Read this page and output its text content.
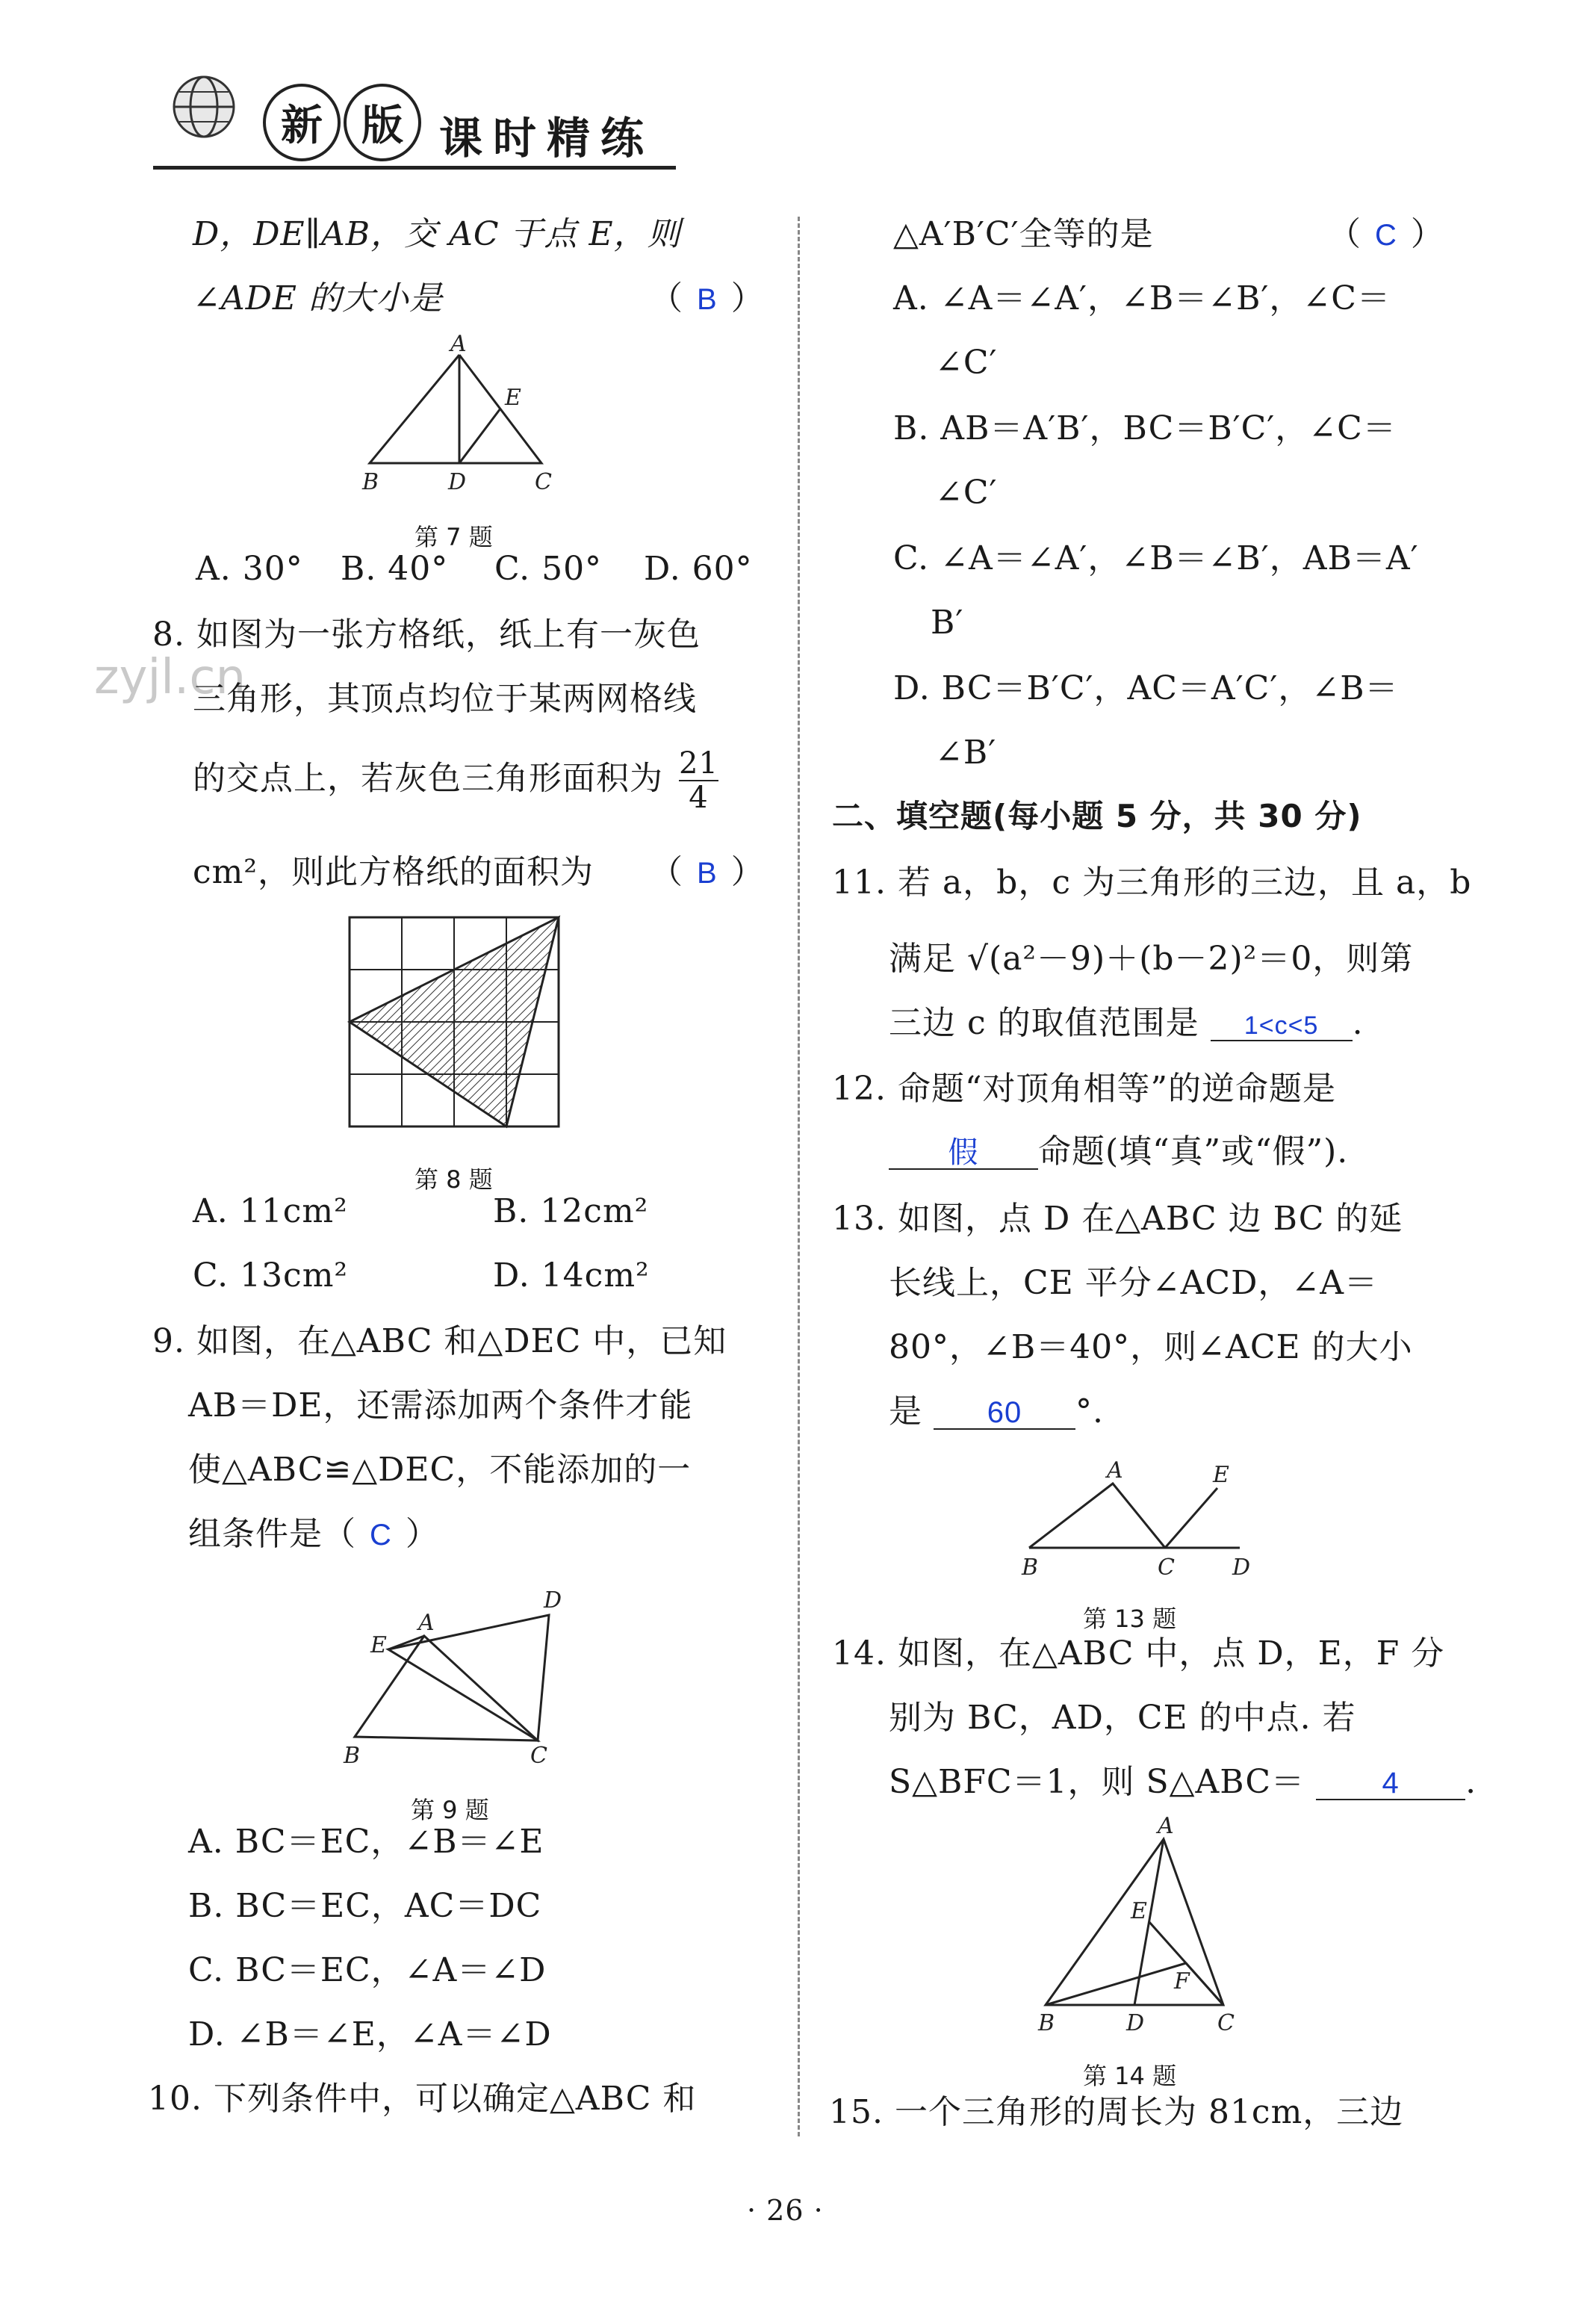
新 版 课时精练
zyjl.cn
D，DE∥AB，交 AC 于点 E，则
∠ADE 的大小是	（ B ）
A
E
B	D	C
第 7 题
A. 30° B. 40° C. 50° D. 60°
8. 如图为一张方格纸，纸上有一灰色
三角形，其顶点均位于某两网格线
的交点上，若灰色三角形面积为 $\frac{21}{4}$
cm²，则此方格纸的面积为 （ B ）
第 8 题
A. 11cm²	B. 12cm²
C. 13cm²	D. 14cm²
9. 如图，在△ABC 和△DEC 中，已知
AB＝DE，还需添加两个条件才能
使△ABC≌△DEC，不能添加的一
组条件是（ C ）
D
A
E
B	C
第 9 题
A. BC＝EC，∠B＝∠E
B. BC＝EC，AC＝DC
C. BC＝EC，∠A＝∠D
D. ∠B＝∠E，∠A＝∠D
10. 下列条件中，可以确定△ABC 和
△A′B′C′全等的是	（ C ）
A. ∠A＝∠A′，∠B＝∠B′，∠C＝
∠C′
B. AB＝A′B′，BC＝B′C′，∠C＝
∠C′
C. ∠A＝∠A′，∠B＝∠B′，AB＝A′
B′
D. BC＝B′C′，AC＝A′C′，∠B＝
∠B′
二、填空题(每小题 5 分，共 30 分)
11. 若 a，b，c 为三角形的三边，且 a，b
满足 √(a²－9)＋(b－2)²＝0，则第
三边 c 的取值范围是 1<c<5 .
12. 命题“对顶角相等”的逆命题是
假 命题(填“真”或“假”).
13. 如图，点 D 在△ABC 边 BC 的延
长线上，CE 平分∠ACD，∠A＝
80°，∠B＝40°，则∠ACE 的大小
是 60 °.
A	E
B	C	D
第 13 题
14. 如图，在△ABC 中，点 D，E，F 分
别为 BC，AD，CE 的中点. 若
S△BFC＝1，则 S△ABC＝	4 .
A
E
F
B	D	C
第 14 题
15. 一个三角形的周长为 81cm，三边
· 26 ·
